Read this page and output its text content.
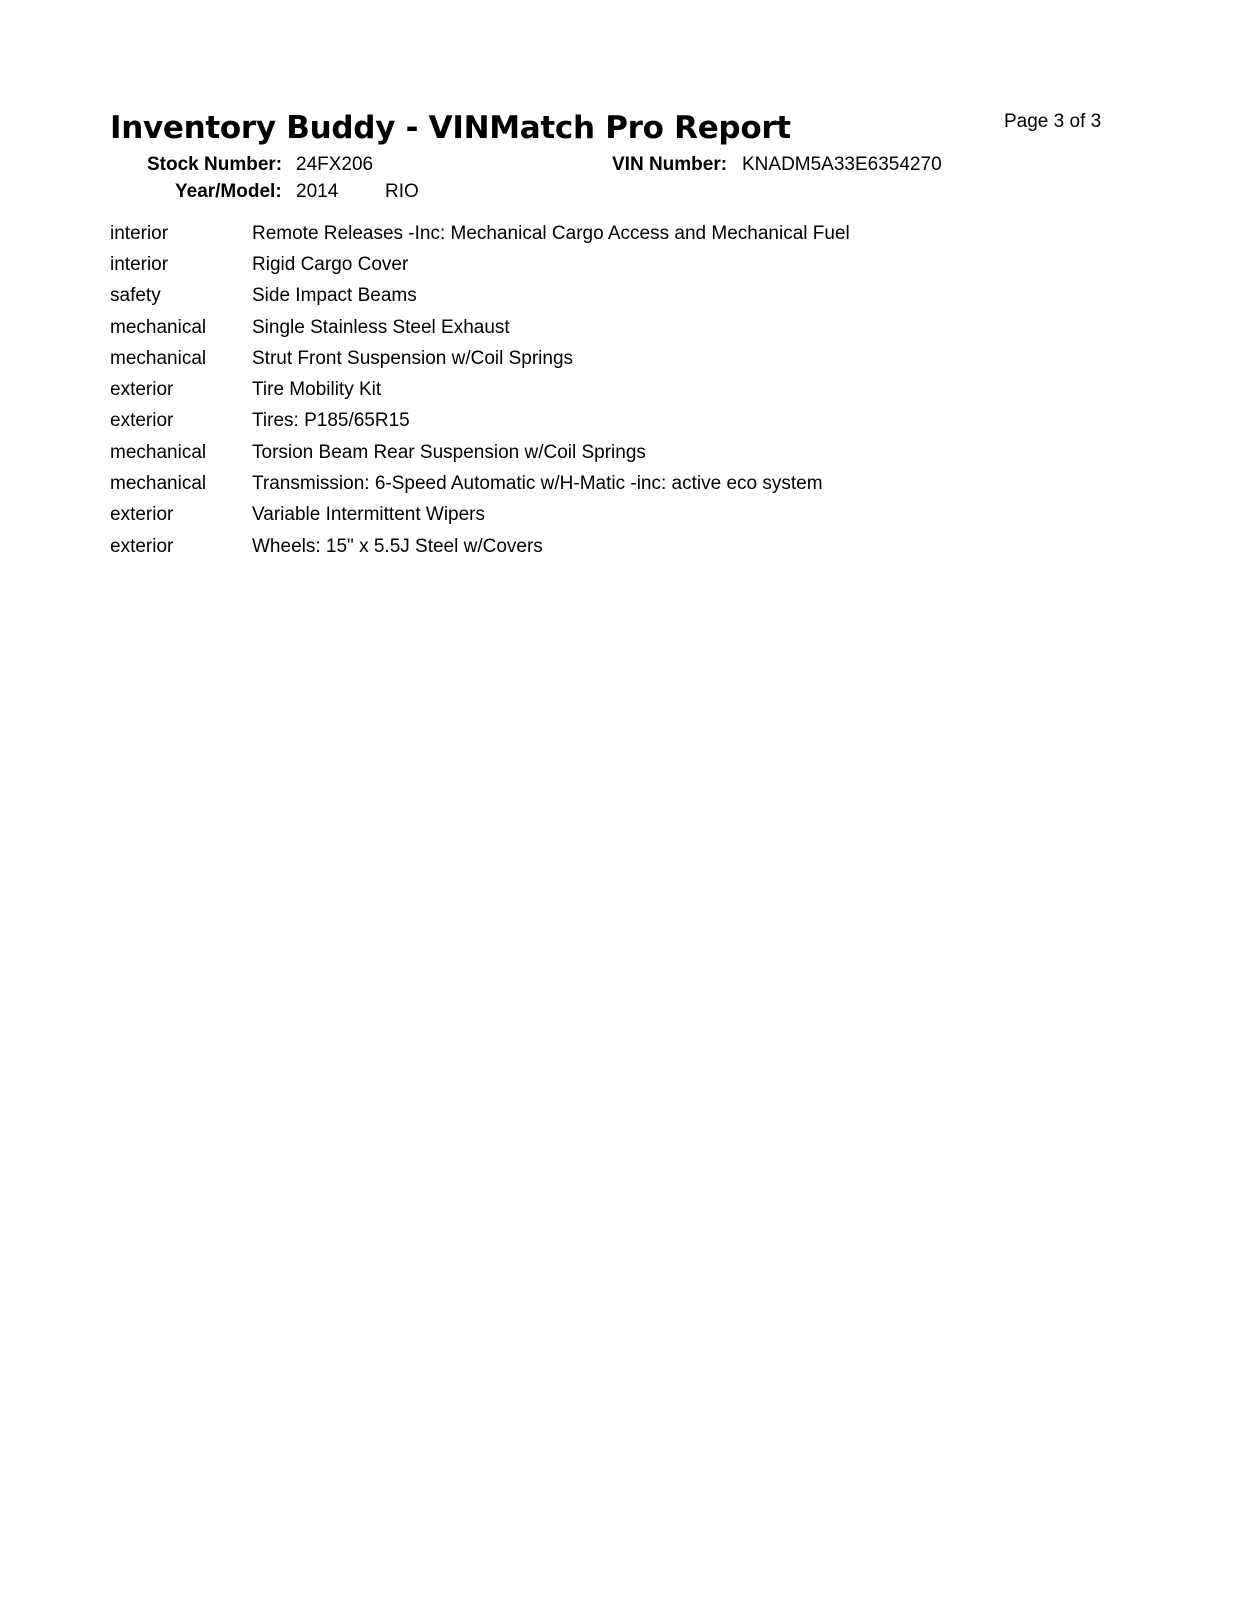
Inventory Buddy - VINMatch Pro Report	Page 3 of 3
Stock Number: 24FX206	VIN Number: KNADM5A33E6354270
Year/Model: 2014 RIO
interior	Remote Releases -Inc: Mechanical Cargo Access and Mechanical Fuel
interior	Rigid Cargo Cover
safety	Side Impact Beams
mechanical	Single Stainless Steel Exhaust
mechanical	Strut Front Suspension w/Coil Springs
exterior	Tire Mobility Kit
exterior	Tires: P185/65R15
mechanical	Torsion Beam Rear Suspension w/Coil Springs
mechanical	Transmission: 6-Speed Automatic w/H-Matic -inc: active eco system
exterior	Variable Intermittent Wipers
exterior	Wheels: 15" x 5.5J Steel w/Covers
